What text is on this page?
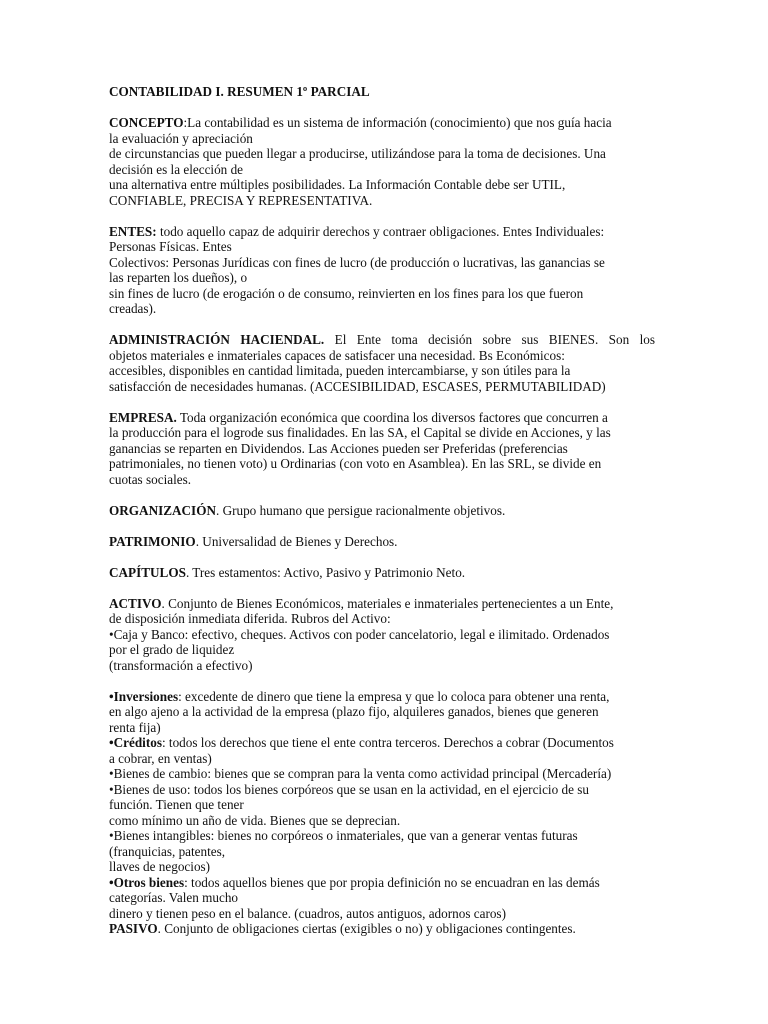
CONTABILIDAD I. RESUMEN 1º PARCIAL
CONCEPTO:La contabilidad es un sistema de información (conocimiento) que nos guía hacia
la evaluación y apreciación
de circunstancias que pueden llegar a producirse, utilizándose para la toma de decisiones. Una
decisión es la elección de
una alternativa entre múltiples posibilidades. La Información Contable debe ser UTIL,
CONFIABLE, PRECISA Y REPRESENTATIVA.
ENTES: todo aquello capaz de adquirir derechos y contraer obligaciones. Entes Individuales:
Personas Físicas. Entes
Colectivos: Personas Jurídicas con fines de lucro (de producción o lucrativas, las ganancias se
las reparten los dueños), o
sin fines de lucro (de erogación o de consumo, reinvierten en los fines para los que fueron
creadas).
ADMINISTRACIÓN HACIENDAL. El Ente toma decisión sobre sus BIENES. Son los
objetos materiales e inmateriales capaces de satisfacer una necesidad. Bs Económicos:
accesibles, disponibles en cantidad limitada, pueden intercambiarse, y son útiles para la
satisfacción de necesidades humanas. (ACCESIBILIDAD, ESCASES, PERMUTABILIDAD)
EMPRESA. Toda organización económica que coordina los diversos factores que concurren a
la producción para el logrode sus finalidades. En las SA, el Capital se divide en Acciones, y las
ganancias se reparten en Dividendos. Las Acciones pueden ser Preferidas (preferencias
patrimoniales, no tienen voto) u Ordinarias (con voto en Asamblea). En las SRL, se divide en
cuotas sociales.
ORGANIZACIÓN. Grupo humano que persigue racionalmente objetivos.
PATRIMONIO. Universalidad de Bienes y Derechos.
CAPÍTULOS. Tres estamentos: Activo, Pasivo y Patrimonio Neto.
ACTIVO. Conjunto de Bienes Económicos, materiales e inmateriales pertenecientes a un Ente,
de disposición inmediata diferida. Rubros del Activo:
•Caja y Banco: efectivo, cheques. Activos con poder cancelatorio, legal e ilimitado. Ordenados
por el grado de liquidez
(transformación a efectivo)
•Inversiones: excedente de dinero que tiene la empresa y que lo coloca para obtener una renta,
en algo ajeno a la actividad de la empresa (plazo fijo, alquileres ganados, bienes que generen
renta fija)
•Créditos: todos los derechos que tiene el ente contra terceros. Derechos a cobrar (Documentos
a cobrar, en ventas)
•Bienes de cambio: bienes que se compran para la venta como actividad principal (Mercadería)
•Bienes de uso: todos los bienes corpóreos que se usan en la actividad, en el ejercicio de su
función. Tienen que tener
como mínimo un año de vida. Bienes que se deprecian.
•Bienes intangibles: bienes no corpóreos o inmateriales, que van a generar ventas futuras
(franquicias, patentes,
llaves de negocios)
•Otros bienes: todos aquellos bienes que por propia definición no se encuadran en las demás
categorías. Valen mucho
dinero y tienen peso en el balance. (cuadros, autos antiguos, adornos caros)
PASIVO. Conjunto de obligaciones ciertas (exigibles o no) y obligaciones contingentes.
